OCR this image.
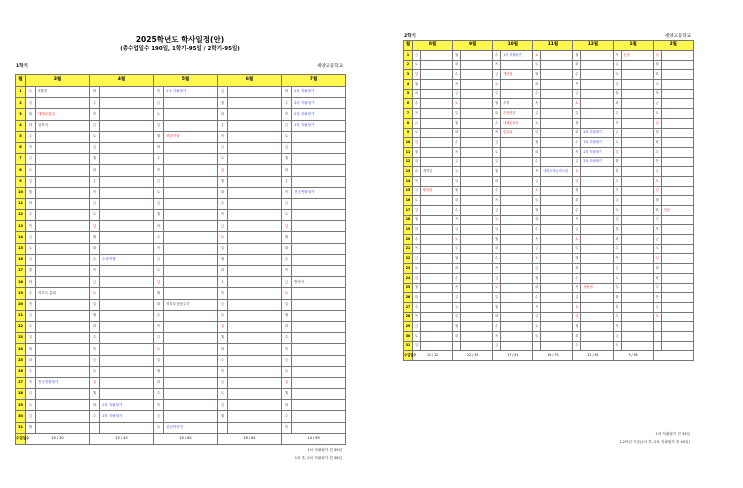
2025학년도 학사일정(안)
(총수업일수 190일, 1학기-95일 / 2학기-95일)
1학기	세양고등학교
월	3월		4월		5월		6월		7월	
1	토	3월점	화		목	1·2 지필평가	일		화	2차 지필평가
2	일		수		금		월		수	2차 지필평가
3	월	대체공휴일	목		토		화		목	2차 지필평가
4	화	입학식	금		일		수		금	2차 지필평가
5	수		토		월	어린이날	목		토	
6	목		일		화		금		일	
7	금		월		수		토		월	
8	토		화		목		일		화	
9	일		수		금		월		수	
10	월		목		토		화		목	전국연합평가
11	화		금		일		수		금	
12	수		토		월		목		토	
13	목		일		화		금		일	
14	금		월		수		토		월	
15	토		화		목		일		화	
16	일		수	수학여행	금		월		수	
17	월		목		토		화		목	
18	화		금		일		수		금	방학식
19	수	학부모 총회	토		월		목		토	
20	목		일		화	학부모상담주간	금		일	
21	금		월		수		토		월	
22	토		화		목		일		화	
23	일		수		금		월		수	
24	월		목		토		화		목	
25	화		금		일		수		금	
26	수		토		월		목		토	
27	목	전국연합평가	일		화		금		일	
28	금		월		수		토		월	
29	토		화	1차 지필평가	목		일		화	
30	일		수	1차 지필평가	금		월		수	
31	월				토	신검학산저			목	
수업일수	20 / 20		22 / 42		20 / 62		19 / 81		14 / 95	
1차 지필평가 전 39일
1차 후, 2차 지필평가 전 38일
2학기	세양고등학교
월	8월		9월		10월		11월		12월		1월		2월	
1	금		월		수	1차 지필평가	토		월		목	신정	일	
2	토		화		목		일		화		금		월	
3	일		수		금	개천절	월		수		토		화	
4	월		목		토		화		목		일		수	
5	화		금		일		수		금		월		목	
6	수		토		월	추석	목		토		화		금	
7	목		일		화	추석연휴	금		일		수		토	
8	금		월		수	대체공휴일	토		월		목		일	
9	토		화		목	한글날	일		화	2차 지필평가	금		월	
10	일		수		금		월		수	2차 지필평가	토		화	
11	월		목		토		화		목	2차 지필평가	일		수	
12	화		금		일		수		금	2차 지필평가	월		목	
13	수	개학일	토		월		목	대학수학능력시험	토		화		금	
14	목		일		화		금		일		수		토	
15	금	광복절	월		수		토		월		목		일	
16	토		화		목		일		화		금		월	
17	일		수		금		월		수		토		화	설날
18	월		목		토		화		목		일		수	
19	화		금		일		수		금		월		목	
20	수		토		월		목		토		화		금	
21	목		일		화		금		일		수		토	
22	금		월		수		토		월		목		일	
23	토		화		목		일		화		금		월	
24	일		수		금		월		수		토		화	
25	월		목		토		화		목	성탄절	일		수	
26	화		금		일		수		금		월		목	
27	수		토		월		목		토		화		금	
28	목		일		화		금		일		수		토	
29	금		월		수		토		월		목			
30	토		화		목		일		화		금			
31	일				금				수		토			
수업일수	12 / 12		22 / 34		17 / 51		19 / 70		22 / 92		3 / 95			
1차 지필평가 전 33일
1,2학년 기준(1차 후, 2차 지필평가 전 45일)
